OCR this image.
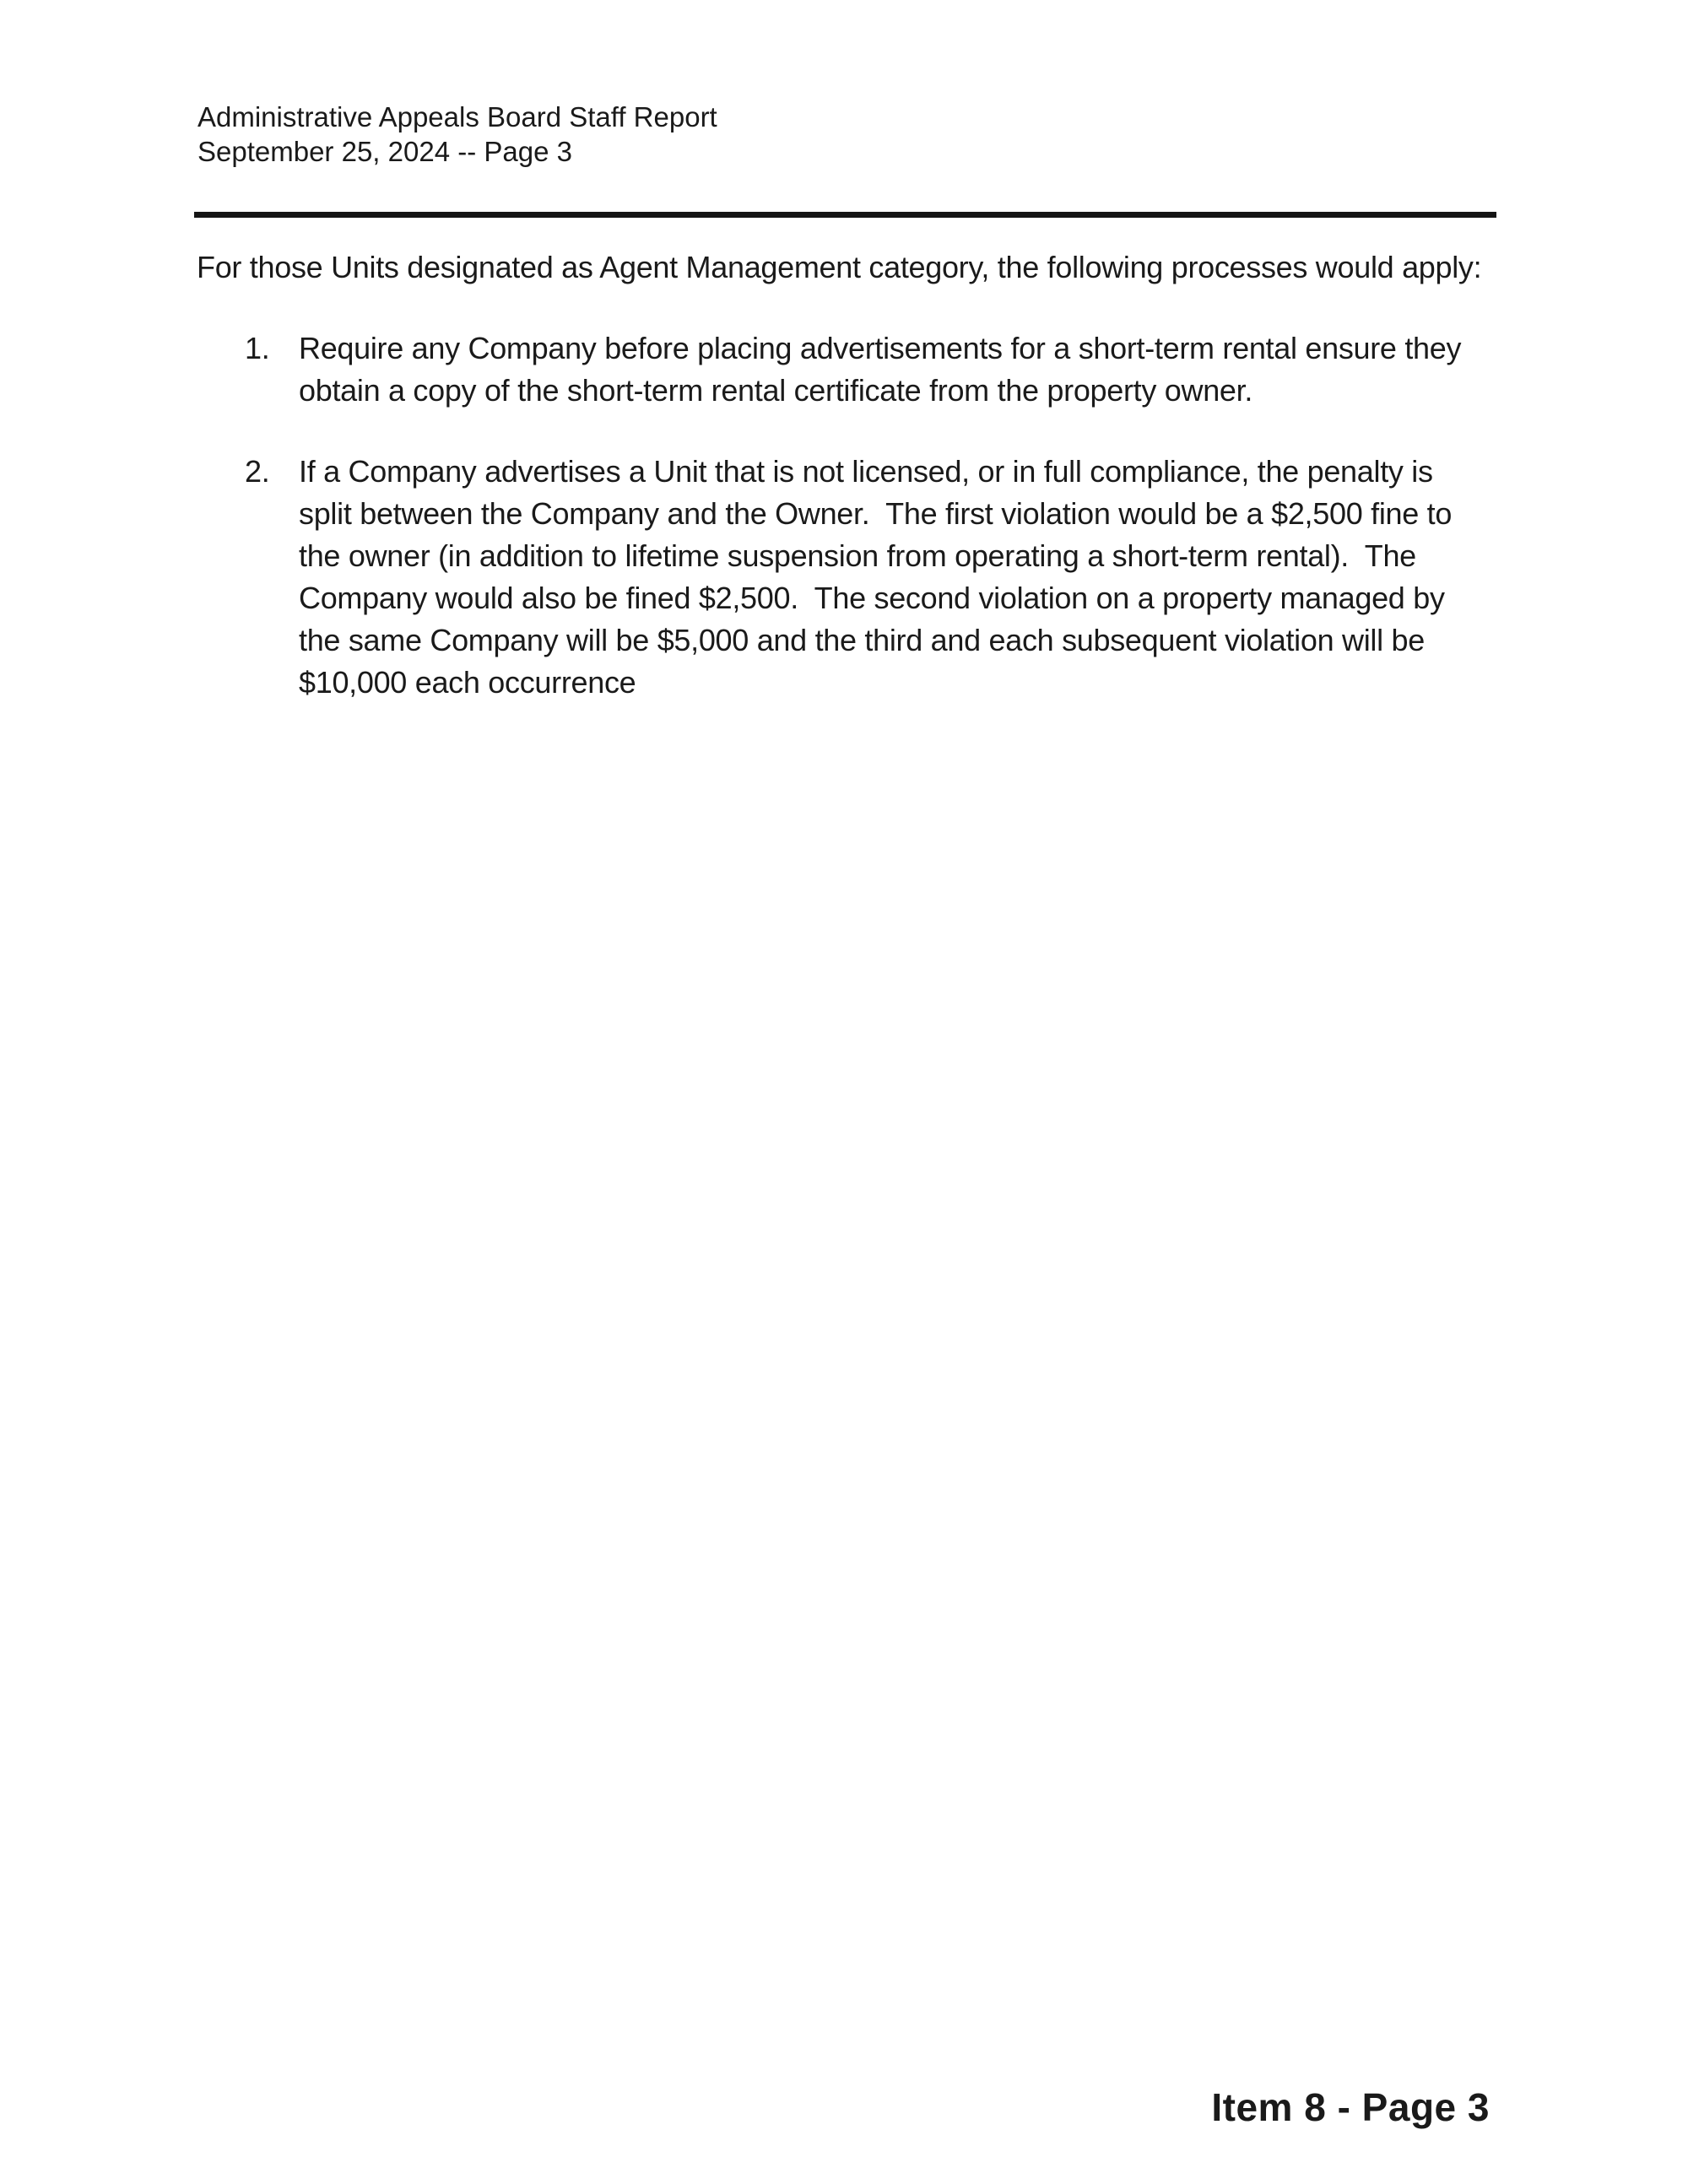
Administrative Appeals Board Staff Report
September 25, 2024 -- Page 3

For those Units designated as Agent Management category, the following processes would apply:

1. Require any Company before placing advertisements for a short-term rental ensure they obtain a copy of the short-term rental certificate from the property owner.
2. If a Company advertises a Unit that is not licensed, or in full compliance, the penalty is split between the Company and the Owner.  The first violation would be a $2,500 fine to the owner (in addition to lifetime suspension from operating a short-term rental).  The Company would also be fined $2,500.  The second violation on a property managed by the same Company will be $5,000 and the third and each subsequent violation will be $10,000 each occurrence
Item 8 - Page 3
